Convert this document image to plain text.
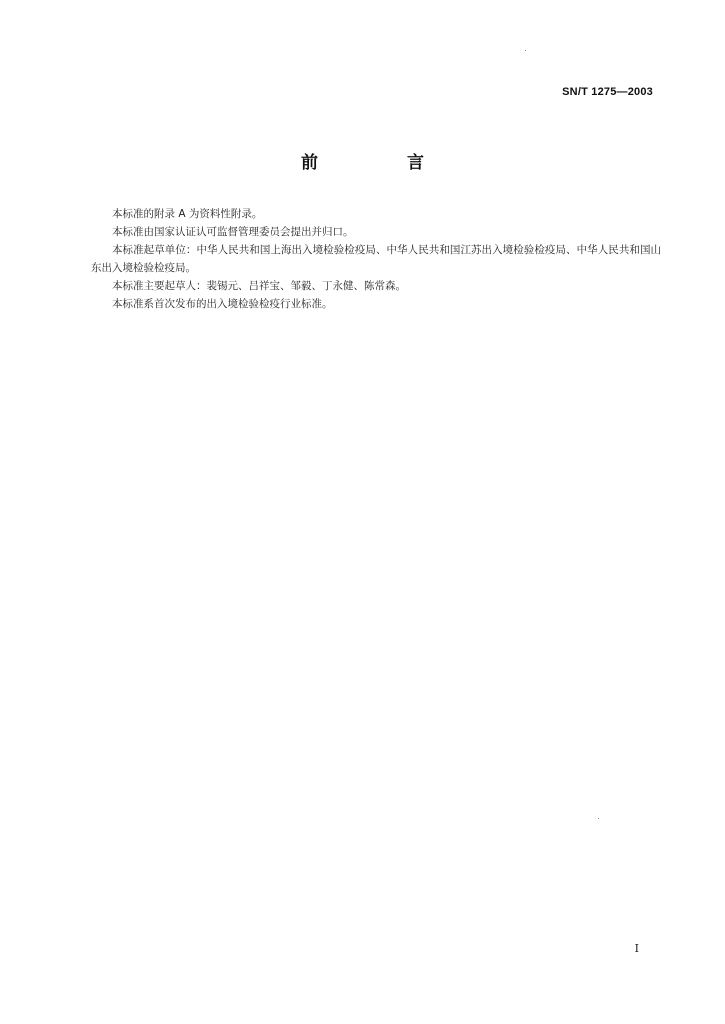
SN/T 1275—2003
前　言

本标准的附录 A 为资料性附录。

本标准由国家认证认可监督管理委员会提出并归口。

本标准起草单位：中华人民共和国上海出入境检验检疫局、中华人民共和国江苏出入境检验检疫局、中华人民共和国山东出入境检验检疫局。

本标准主要起草人：裴锡元、吕祥宝、邹毅、丁永健、陈常森。

本标准系首次发布的出入境检验检疫行业标准。

I
